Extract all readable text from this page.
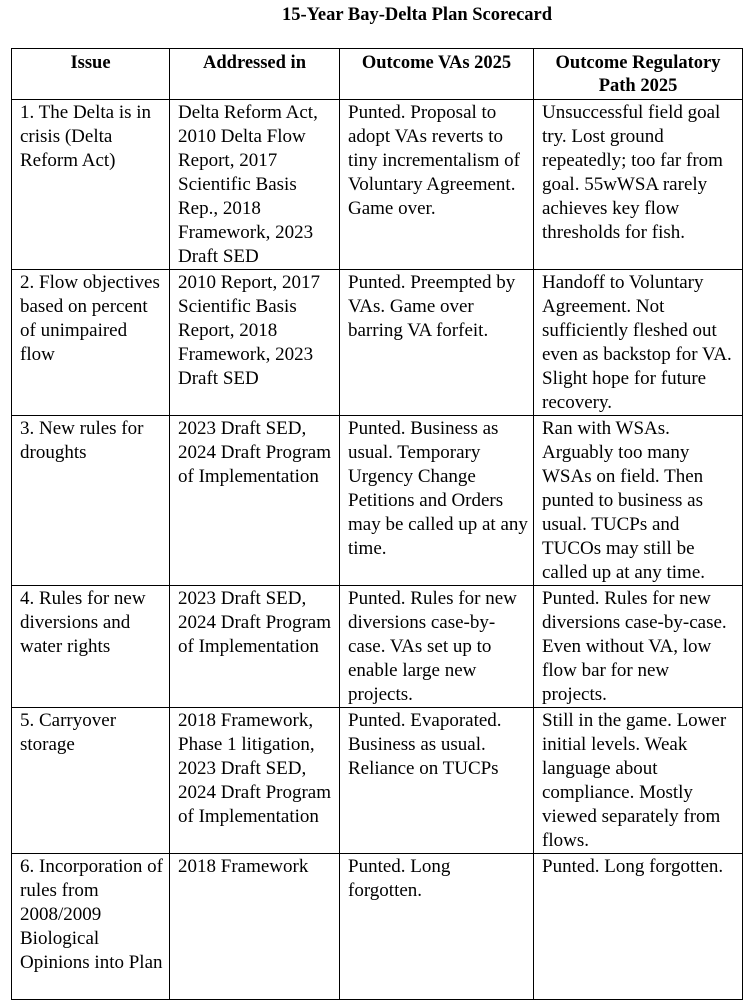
15-Year Bay-Delta Plan Scorecard
Issue	Addressed in	Outcome VAs 2025	Outcome Regulatory Path 2025
1. The Delta is in crisis (Delta Reform Act)	Delta Reform Act, 2010 Delta Flow Report, 2017 Scientific Basis Rep., 2018 Framework, 2023 Draft SED	Punted. Proposal to adopt VAs reverts to tiny incrementalism of Voluntary Agreement. Game over.	Unsuccessful field goal try. Lost ground repeatedly; too far from goal. 55wWSA rarely achieves key flow thresholds for fish.
2. Flow objectives based on percent of unimpaired flow	2010 Report, 2017 Scientific Basis Report, 2018 Framework, 2023 Draft SED	Punted. Preempted by VAs. Game over barring VA forfeit.	Handoff to Voluntary Agreement. Not sufficiently fleshed out even as backstop for VA. Slight hope for future recovery.
3. New rules for droughts	2023 Draft SED, 2024 Draft Program of Implementation	Punted. Business as usual. Temporary Urgency Change Petitions and Orders may be called up at any time.	Ran with WSAs. Arguably too many WSAs on field. Then punted to business as usual. TUCPs and TUCOs may still be called up at any time.
4. Rules for new diversions and water rights	2023 Draft SED, 2024 Draft Program of Implementation	Punted. Rules for new diversions case-by-case. VAs set up to enable large new projects.	Punted. Rules for new diversions case-by-case. Even without VA, low flow bar for new projects.
5. Carryover storage	2018 Framework, Phase 1 litigation, 2023 Draft SED, 2024 Draft Program of Implementation	Punted. Evaporated. Business as usual. Reliance on TUCPs	Still in the game. Lower initial levels. Weak language about compliance. Mostly viewed separately from flows.
6. Incorporation of rules from 2008/2009 Biological Opinions into Plan	2018 Framework	Punted. Long forgotten.	Punted. Long forgotten.
